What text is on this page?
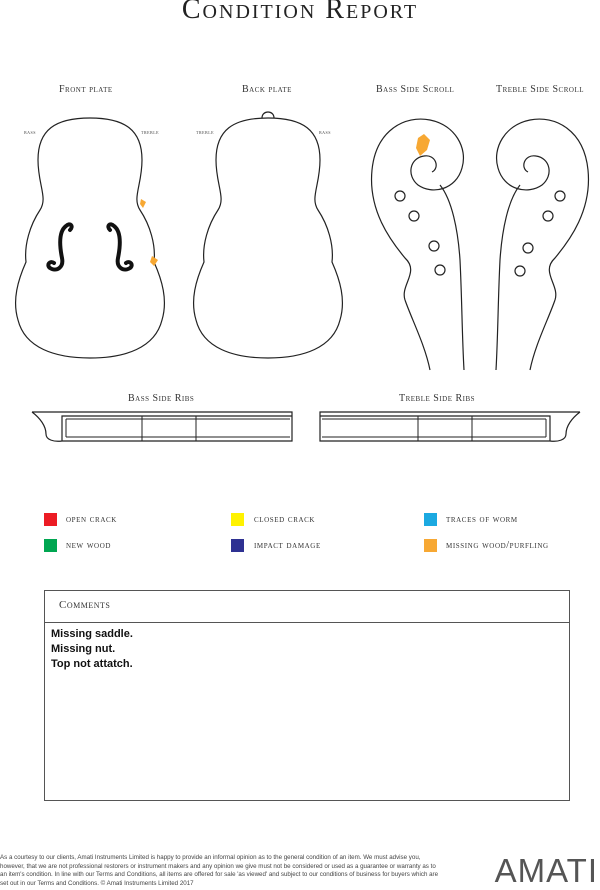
Condition Report
Front plate
bass	treble
Back plate
treble	bass
Bass Side Scroll	Treble Side Scroll
Bass Side Ribs	Treble Side Ribs
open crack	closed crack	traces of worm
new wood	impact damage	missing wood/purfling
Comments
Missing saddle.
Missing nut.
Top not attatch.
As a courtesy to our clients, Amati Instruments Limited is happy to provide an informal opinion as to the general condition of an item. We must advise you, however, that we are not professional restorers or instrument makers and any opinion we give must not be considered or used as a guarantee or warranty as to an item's condition. In line with our Terms and Conditions, all items are offered for sale 'as viewed' and subject to our conditions of business for buyers which are set out in our Terms and Conditions. © Amati Instruments Limited 2017	AMATI
